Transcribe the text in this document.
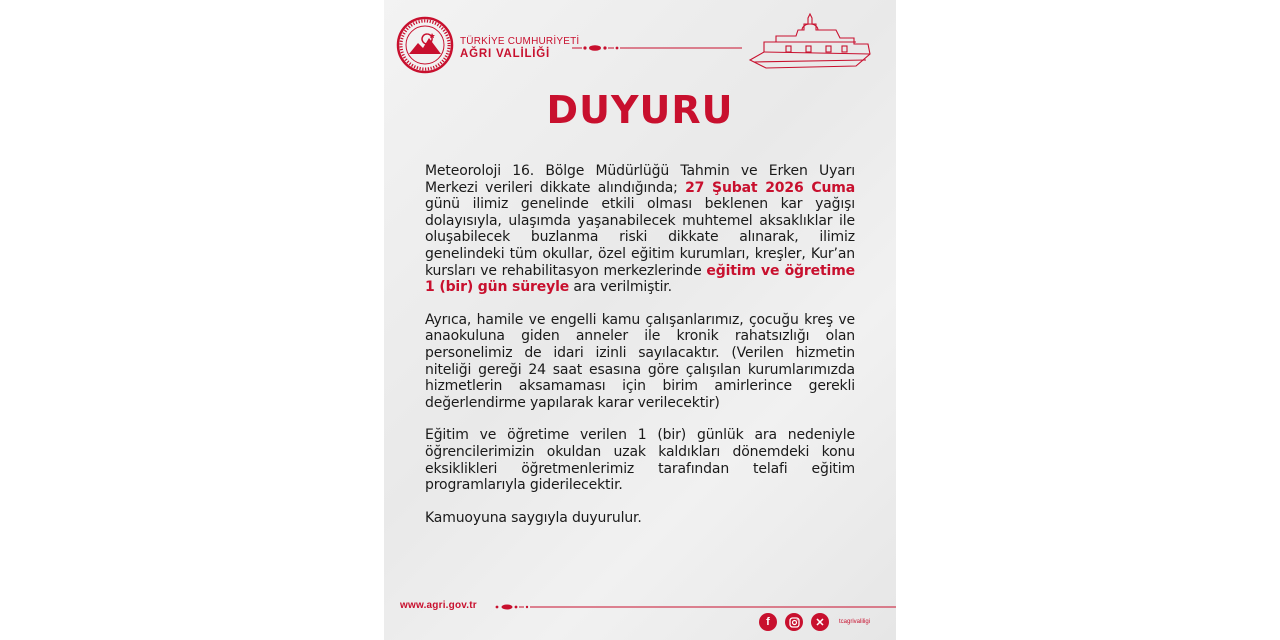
TÜRKİYE CUMHURİYETİ
AĞRI VALİLİĞİ
DUYURU

Meteoroloji 16. Bölge Müdürlüğü Tahmin ve Erken Uyarı Merkezi verileri dikkate alındığında; 27 Şubat 2026 Cuma günü ilimiz genelinde etkili olması beklenen kar yağışı dolayısıyla, ulaşımda yaşanabilecek muhtemel aksaklıklar ile oluşabilecek buzlanma riski dikkate alınarak, ilimiz genelindeki tüm okullar, özel eğitim kurumları, kreşler, Kur’an kursları ve rehabilitasyon merkezlerinde eğitim ve öğretime 1 (bir) gün süreyle ara verilmiştir.

Ayrıca, hamile ve engelli kamu çalışanlarımız, çocuğu kreş ve anaokuluna giden anneler ile kronik rahatsızlığı olan personelimiz de idari izinli sayılacaktır. (Verilen hizmetin niteliği gereği 24 saat esasına göre çalışılan kurumlarımızda hizmetlerin aksamaması için birim amirlerince gerekli değerlendirme yapılarak karar verilecektir)

Eğitim ve öğretime verilen 1 (bir) günlük ara nedeniyle öğrencilerimizin okuldan uzak kaldıkları dönemdeki konu eksiklikleri öğretmenlerimiz tarafından telafi eğitim programlarıyla giderilecektir.

Kamuoyuna saygıyla duyurulur.

www.agri.gov.tr
f	✕	tcagrivaliligi
